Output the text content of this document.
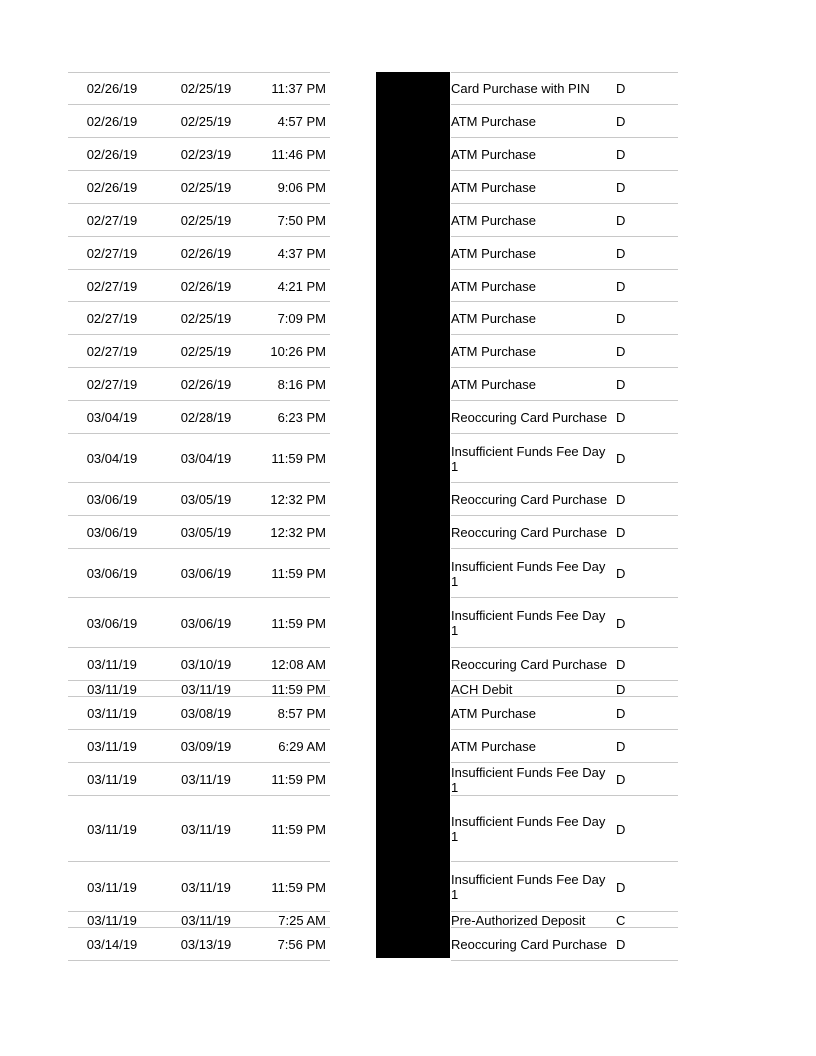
02/26/19	02/25/19	11:37 PM	Card Purchase with PIN	D
02/26/19	02/25/19	4:57 PM	ATM Purchase	D
02/26/19	02/23/19	11:46 PM	ATM Purchase	D
02/26/19	02/25/19	9:06 PM	ATM Purchase	D
02/27/19	02/25/19	7:50 PM	ATM Purchase	D
02/27/19	02/26/19	4:37 PM	ATM Purchase	D
02/27/19	02/26/19	4:21 PM	ATM Purchase	D
02/27/19	02/25/19	7:09 PM	ATM Purchase	D
02/27/19	02/25/19	10:26 PM	ATM Purchase	D
02/27/19	02/26/19	8:16 PM	ATM Purchase	D
03/04/19	02/28/19	6:23 PM	Reoccuring Card Purchase D
03/04/19	03/04/19	11:59 PM	Insufficient Funds Fee Day 1	D
03/06/19	03/05/19	12:32 PM	Reoccuring Card Purchase D
03/06/19	03/05/19	12:32 PM	Reoccuring Card Purchase D
03/06/19	03/06/19	11:59 PM	Insufficient Funds Fee Day 1	D
03/06/19	03/06/19	11:59 PM	Insufficient Funds Fee Day 1	D
03/11/19	03/10/19	12:08 AM	Reoccuring Card Purchase D
03/11/19	03/11/19	11:59 PM	ACH Debit	D
03/11/19	03/08/19	8:57 PM	ATM Purchase	D
03/11/19	03/09/19	6:29 AM	ATM Purchase	D
03/11/19	03/11/19	11:59 PM	Insufficient Funds Fee Day 1	D
03/11/19	03/11/19	11:59 PM	Insufficient Funds Fee Day 1	D
03/11/19	03/11/19	11:59 PM	Insufficient Funds Fee Day 1	D
03/11/19	03/11/19	7:25 AM	Pre-Authorized Deposit	C
03/14/19	03/13/19	7:56 PM	Reoccuring Card Purchase D
